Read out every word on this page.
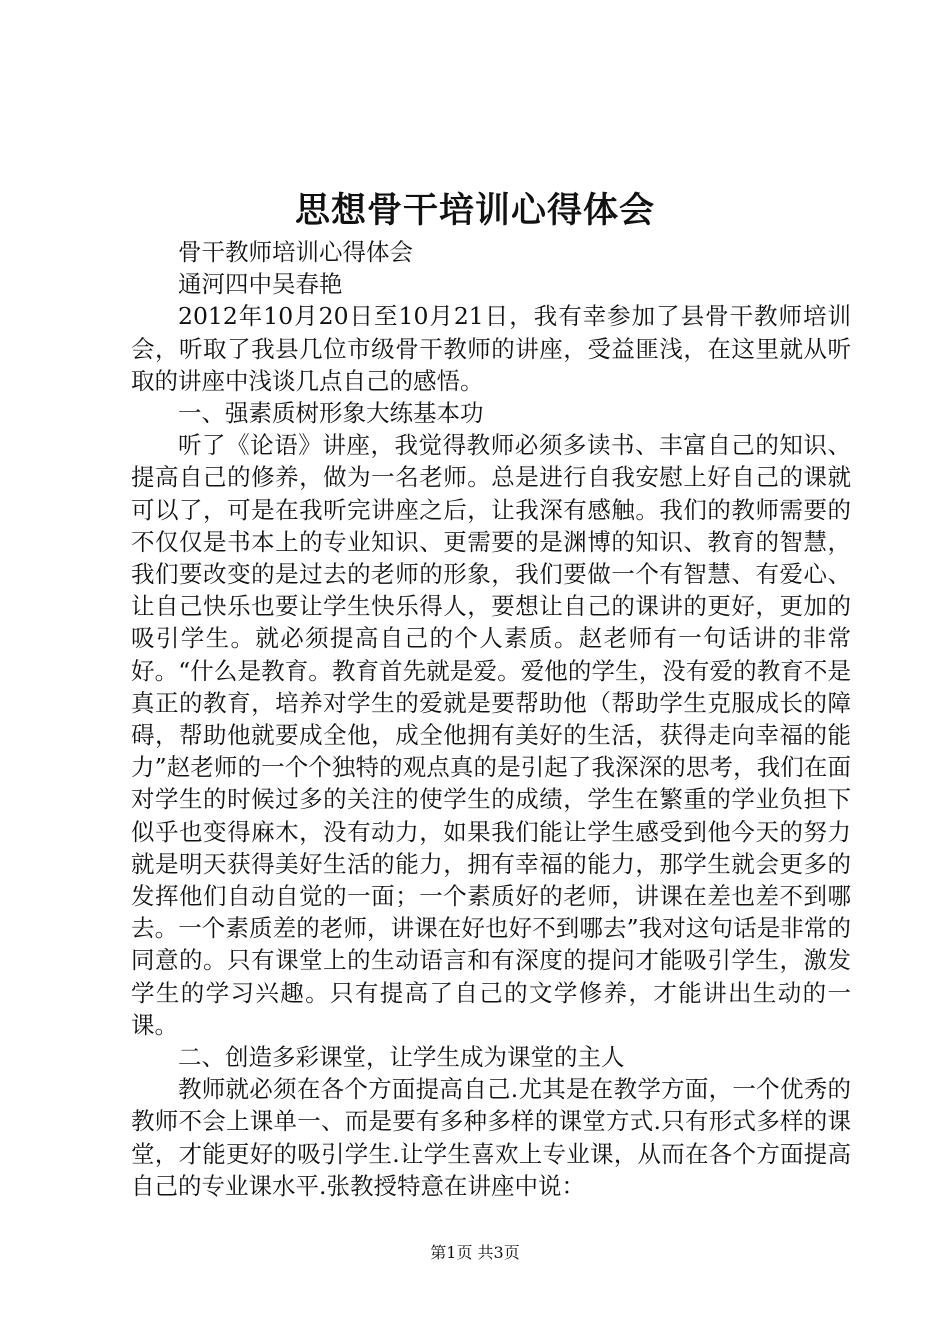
思想骨干培训心得体会

骨干教师培训心得体会

通河四中吴春艳

2012年10月20日至10月21日，我有幸参加了县骨干教师培训会，听取了我县几位市级骨干教师的讲座，受益匪浅，在这里就从听取的讲座中浅谈几点自己的感悟。

一、强素质树形象大练基本功

听了《论语》讲座，我觉得教师必须多读书、丰富自己的知识、提高自己的修养，做为一名老师。总是进行自我安慰上好自己的课就可以了，可是在我听完讲座之后，让我深有感触。我们的教师需要的不仅仅是书本上的专业知识、更需要的是渊博的知识、教育的智慧，我们要改变的是过去的老师的形象，我们要做一个有智慧、有爱心、让自己快乐也要让学生快乐得人，要想让自己的课讲的更好，更加的吸引学生。就必须提高自己的个人素质。赵老师有一句话讲的非常好。“什么是教育。教育首先就是爱。爱他的学生，没有爱的教育不是真正的教育，培养对学生的爱就是要帮助他（帮助学生克服成长的障碍，帮助他就要成全他，成全他拥有美好的生活，获得走向幸福的能力”赵老师的一个个独特的观点真的是引起了我深深的思考，我们在面对学生的时候过多的关注的使学生的成绩，学生在繁重的学业负担下似乎也变得麻木，没有动力，如果我们能让学生感受到他今天的努力就是明天获得美好生活的能力，拥有幸福的能力，那学生就会更多的发挥他们自动自觉的一面；一个素质好的老师，讲课在差也差不到哪去。一个素质差的老师，讲课在好也好不到哪去”我对这句话是非常的同意的。只有课堂上的生动语言和有深度的提问才能吸引学生，激发学生的学习兴趣。只有提高了自己的文学修养，才能讲出生动的一课。

二、创造多彩课堂，让学生成为课堂的主人

教师就必须在各个方面提高自己.尤其是在教学方面，一个优秀的教师不会上课单一、而是要有多种多样的课堂方式.只有形式多样的课堂，才能更好的吸引学生.让学生喜欢上专业课，从而在各个方面提高自己的专业课水平.张教授特意在讲座中说：

第1页 共3页
